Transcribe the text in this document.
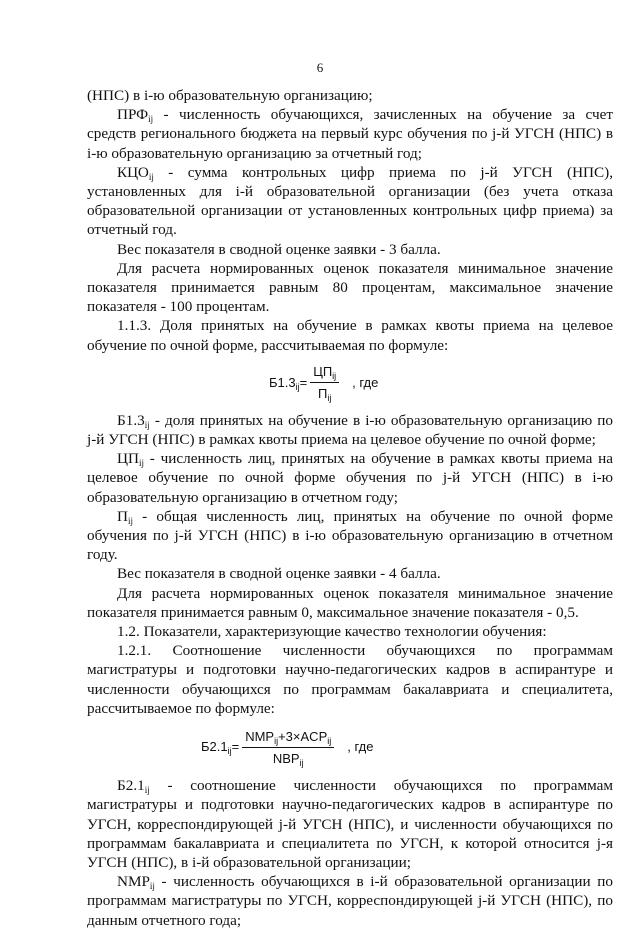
6

(НПС) в i-ю образовательную организацию;

$ПРФ_{ij}$ - численность обучающихся, зачисленных на обучение за счет средств регионального бюджета на первый курс обучения по j-й УГСН (НПС) в i-ю образовательную организацию за отчетный год;

$КЦО_{ij}$ - сумма контрольных цифр приема по j-й УГСН (НПС), установленных для i-й образовательной организации (без учета отказа образовательной организации от установленных контрольных цифр приема) за отчетный год.

Вес показателя в сводной оценке заявки - 3 балла.

Для расчета нормированных оценок показателя минимальное значение показателя принимается равным 80 процентам, максимальное значение показателя - 100 процентам.

1.1.3. Доля принятых на обучение в рамках квоты приема на целевое обучение по очной форме, рассчитываемая по формуле:

$Б1.3_{ij}= \frac{ЦП_{ij}}{П_{ij}}$ , где

$Б1.3_{ij}$ - доля принятых на обучение в i-ю образовательную организацию по j-й УГСН (НПС) в рамках квоты приема на целевое обучение по очной форме;

$ЦП_{ij}$ - численность лиц, принятых на обучение в рамках квоты приема на целевое обучение по очной форме обучения по j-й УГСН (НПС) в i-ю образовательную организацию в отчетном году;

$П_{ij}$ - общая численность лиц, принятых на обучение по очной форме обучения по j-й УГСН (НПС) в i-ю образовательную организацию в отчетном году.

Вес показателя в сводной оценке заявки - 4 балла.

Для расчета нормированных оценок показателя минимальное значение показателя принимается равным 0, максимальное значение показателя - 0,5.

1.2. Показатели, характеризующие качество технологии обучения:

1.2.1. Соотношение численности обучающихся по программам магистратуры и подготовки научно-педагогических кадров в аспирантуре и численности обучающихся по программам бакалавриата и специалитета, рассчитываемое по формуле:

$Б2.1_{ij}= \frac{NMP_{ij}+3\times ACP_{ij}}{NBP_{ij}}$ , где

$Б2.1_{ij}$ - соотношение численности обучающихся по программам магистратуры и подготовки научно-педагогических кадров в аспирантуре по УГСН, корреспондирующей j-й УГСН (НПС), и численности обучающихся по программам бакалавриата и специалитета по УГСН, к которой относится j-я УГСН (НПС), в i-й образовательной организации;

$NMP_{ij}$ - численность обучающихся в i-й образовательной организации по программам магистратуры по УГСН, корреспондирующей j-й УГСН (НПС), по данным отчетного года;
